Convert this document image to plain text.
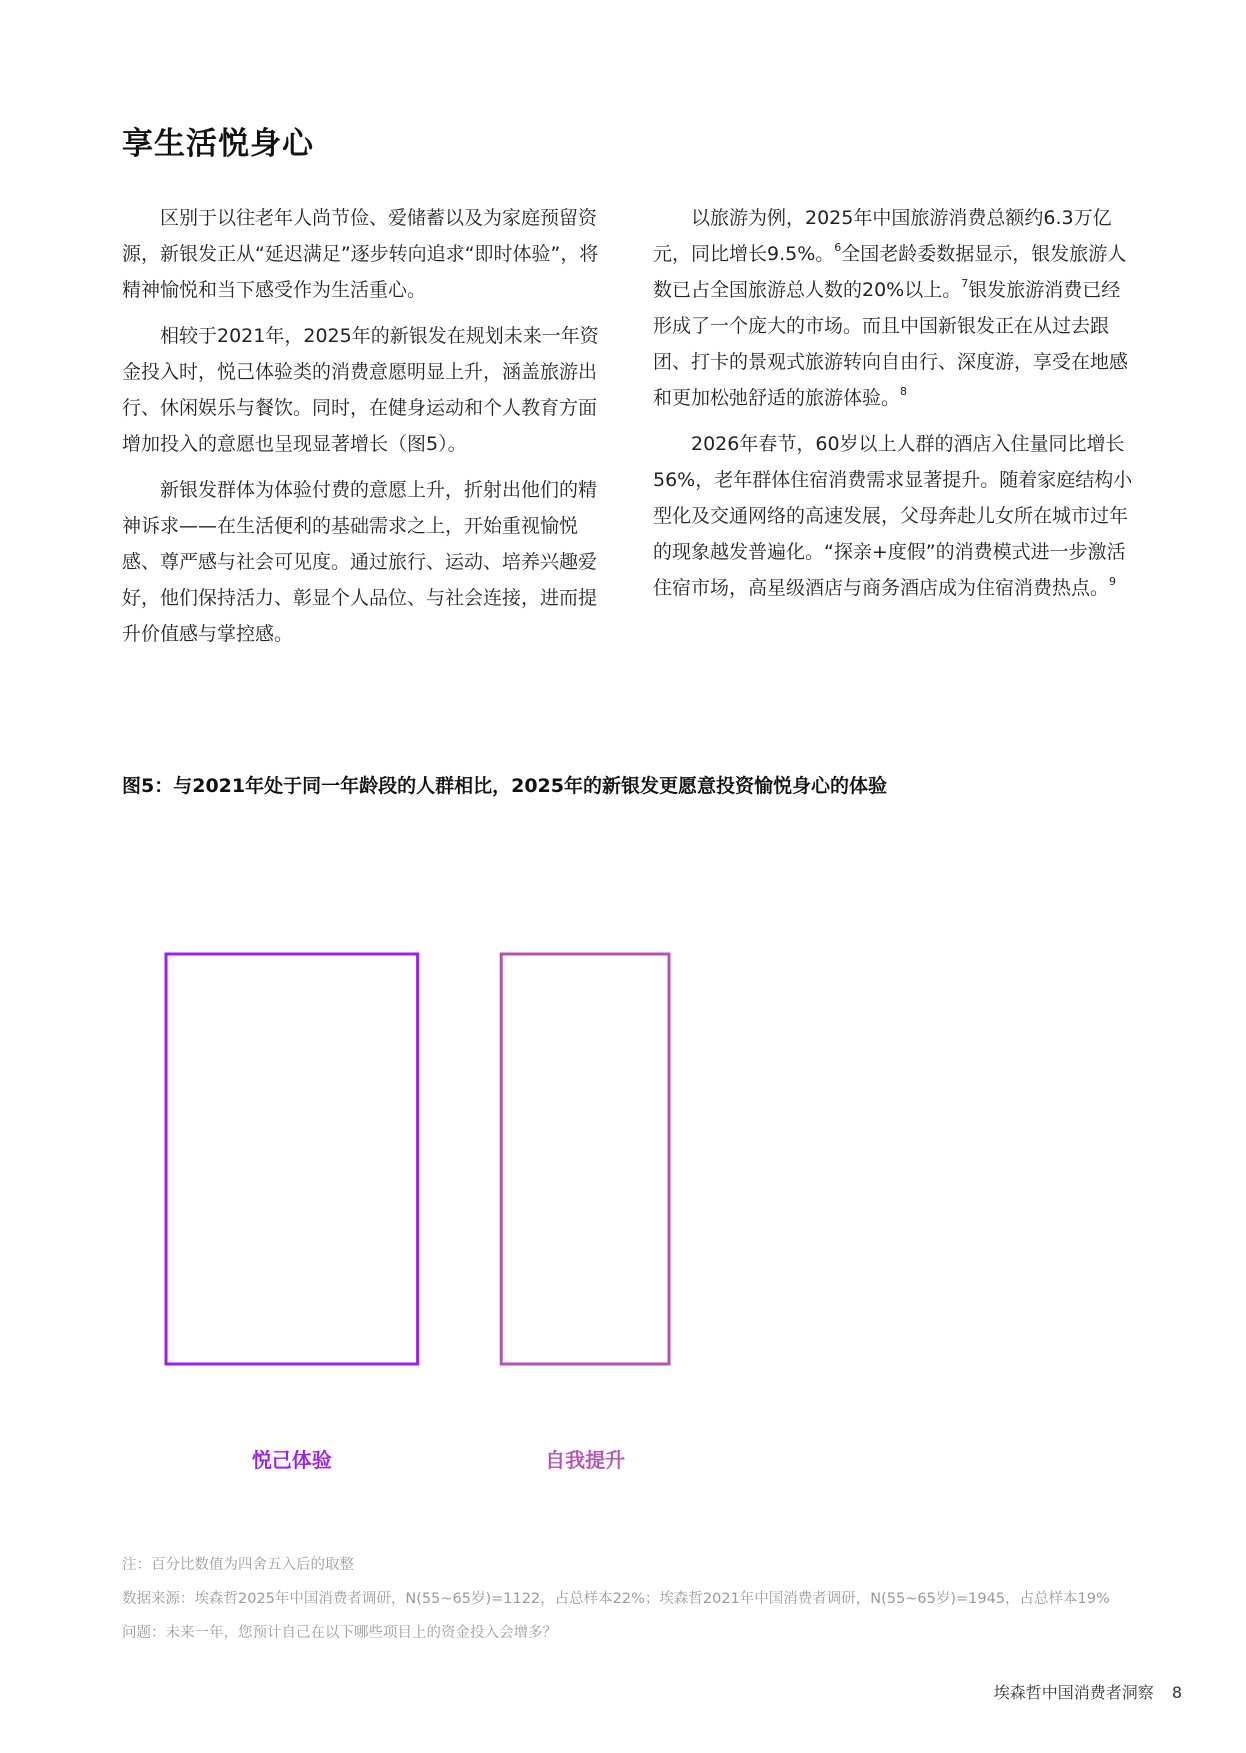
享生活悦身心

区别于以往老年人尚节俭、爱储蓄以及为家庭预留资源，新银发正从“延迟满足”逐步转向追求“即时体验”，将精神愉悦和当下感受作为生活重心。

相较于2021年，2025年的新银发在规划未来一年资金投入时，悦己体验类的消费意愿明显上升，涵盖旅游出行、休闲娱乐与餐饮。同时，在健身运动和个人教育方面增加投入的意愿也呈现显著增长（图5）。

新银发群体为体验付费的意愿上升，折射出他们的精神诉求——在生活便利的基础需求之上，开始重视愉悦感、尊严感与社会可见度。通过旅行、运动、培养兴趣爱好，他们保持活力、彰显个人品位、与社会连接，进而提升价值感与掌控感。

以旅游为例，2025年中国旅游消费总额约6.3万亿元，同比增长9.5%。$^6$全国老龄委数据显示，银发旅游人数已占全国旅游总人数的20%以上。$^7$银发旅游消费已经形成了一个庞大的市场。而且中国新银发正在从过去跟团、打卡的景观式旅游转向自由行、深度游，享受在地感和更加松弛舒适的旅游体验。$^8$

2026年春节，60岁以上人群的酒店入住量同比增长56%，老年群体住宿消费需求显著提升。随着家庭结构小型化及交通网络的高速发展，父母奔赴儿女所在城市过年的现象越发普遍化。“探亲+度假”的消费模式进一步激活住宿市场，高星级酒店与商务酒店成为住宿消费热点。$^9$

图5：与2021年处于同一年龄段的人群相比，2025年的新银发更愿意投资愉悦身心的体验
悦己体验	自我提升
注：百分比数值为四舍五入后的取整
数据来源：埃森哲2025年中国消费者调研，N(55~65岁)=1122，占总样本22%；埃森哲2021年中国消费者调研，N(55~65岁)=1945，占总样本19%
问题：未来一年，您预计自己在以下哪些项目上的资金投入会增多？
埃森哲中国消费者洞察 8
